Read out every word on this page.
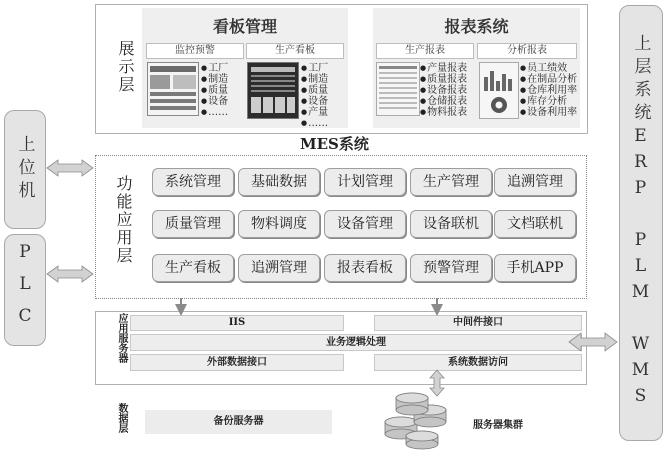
上位机
PLC	上层系统ERP PLM WMS
展示层
看板管理
监控预警	生产看板
● 工厂
● 制造
● 质量
● 设备
● ……
● 工厂
● 制造
● 质量
● 设备
● 产量
● ……
报表系统
生产报表	分析报表
● 产量报表
● 质量报表
● 设备报表
● 仓储报表
● 物料报表
● 员工绩效
● 在制品分析
● 仓库利用率
● 库存分析
● 设备利用率
MES系统
功能应用层	系统管理	基础数据	计划管理	生产管理	追溯管理
质量管理	物料调度	设备管理	设备联机	文档联机
生产看板	追溯管理	报表看板	预警管理	手机APP
应用服务器	IIS	中间件接口
业务逻辑处理
外部数据接口	系统数据访问
数据层	备份服务器	服务器集群
